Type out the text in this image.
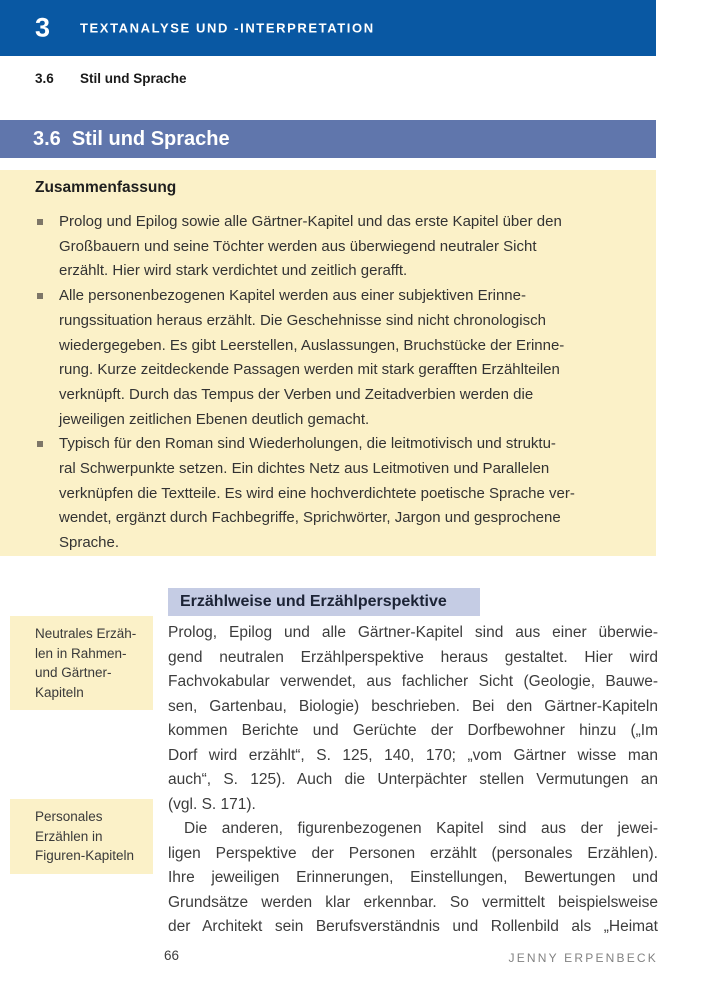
3 TEXTANALYSE UND -INTERPRETATION
3.6 Stil und Sprache
3.6 Stil und Sprache
Zusammenfassung
Prolog und Epilog sowie alle Gärtner-Kapitel und das erste Kapitel über den
Großbauern und seine Töchter werden aus überwiegend neutraler Sicht
erzählt. Hier wird stark verdichtet und zeitlich gerafft.
Alle personenbezogenen Kapitel werden aus einer subjektiven Erinne-
rungssituation heraus erzählt. Die Geschehnisse sind nicht chronologisch
wiedergegeben. Es gibt Leerstellen, Auslassungen, Bruchstücke der Erinne-
rung. Kurze zeitdeckende Passagen werden mit stark gerafften Erzählteilen
verknüpft. Durch das Tempus der Verben und Zeitadverbien werden die
jeweiligen zeitlichen Ebenen deutlich gemacht.
Typisch für den Roman sind Wiederholungen, die leitmotivisch und struktu-
ral Schwerpunkte setzen. Ein dichtes Netz aus Leitmotiven und Parallelen
verknüpfen die Textteile. Es wird eine hochverdichtete poetische Sprache ver-
wendet, ergänzt durch Fachbegriffe, Sprichwörter, Jargon und gesprochene
Sprache.
Neutrales Erzäh-
len in Rahmen-
und Gärtner-
Kapiteln
Personales
Erzählen in
Figuren-Kapiteln
Erzählweise und Erzählperspektive
Prolog, Epilog und alle Gärtner-Kapitel sind aus einer überwie-
gend neutralen Erzählperspektive heraus gestaltet. Hier wird
Fachvokabular verwendet, aus fachlicher Sicht (Geologie, Bauwe-
sen, Gartenbau, Biologie) beschrieben. Bei den Gärtner-Kapiteln
kommen Berichte und Gerüchte der Dorfbewohner hinzu („Im
Dorf wird erzählt“, S. 125, 140, 170; „vom Gärtner wisse man
auch“, S. 125). Auch die Unterpächter stellen Vermutungen an
(vgl. S. 171).
Die anderen, figurenbezogenen Kapitel sind aus der jewei-
ligen Perspektive der Personen erzählt (personales Erzählen).
Ihre jeweiligen Erinnerungen, Einstellungen, Bewertungen und
Grundsätze werden klar erkennbar. So vermittelt beispielsweise
der Architekt sein Berufsverständnis und Rollenbild als „Heimat
66	JENNY ERPENBECK
